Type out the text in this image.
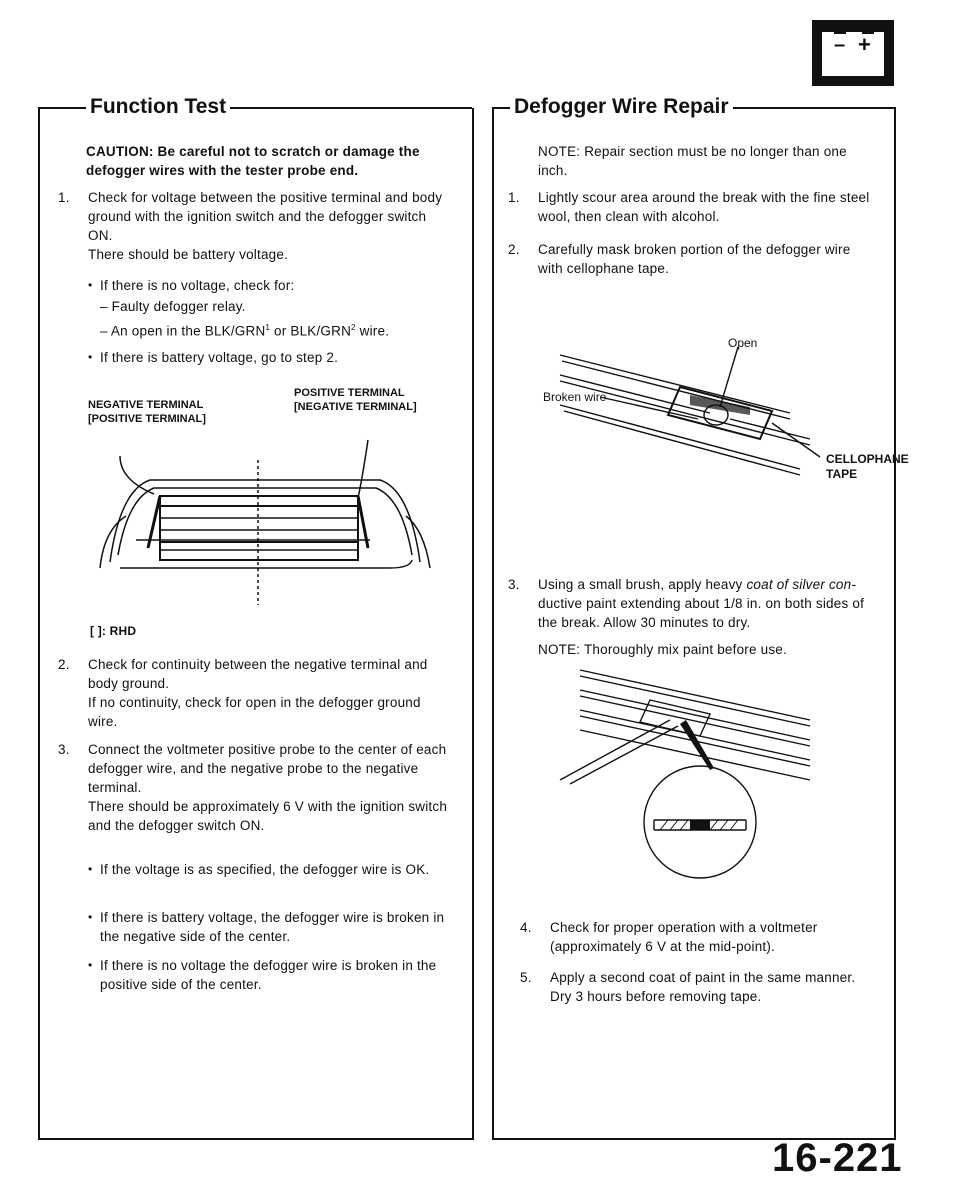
– +
Function Test
CAUTION: Be careful not to scratch or damage the defogger wires with the tester probe end.
1. Check for voltage between the positive terminal and body ground with the ignition switch and the defogger switch ON.
There should be battery voltage.
• If there is no voltage, check for:
– Faulty defogger relay.
– An open in the BLK/GRN$^1$ or BLK/GRN$^2$ wire.
• If there is battery voltage, go to step 2.
NEGATIVE TERMINAL
[POSITIVE TERMINAL]
POSITIVE TERMINAL
[NEGATIVE TERMINAL]
[ ]: RHD
2. Check for continuity between the negative terminal and body ground.
If no continuity, check for open in the defogger ground wire.
3. Connect the voltmeter positive probe to the center of each defogger wire, and the negative probe to the negative terminal.
There should be approximately 6 V with the ignition switch and the defogger switch ON.
• If the voltage is as specified, the defogger wire is OK.
• If there is battery voltage, the defogger wire is broken in the negative side of the center.
• If there is no voltage the defogger wire is broken in the positive side of the center.
Defogger Wire Repair
NOTE: Repair section must be no longer than one inch.
1. Lightly scour area around the break with the fine steel wool, then clean with alcohol.
2. Carefully mask broken portion of the defogger wire with cellophane tape.
Open
Broken wire
CELLOPHANE
TAPE
3. Using a small brush, apply heavy coat of silver con- ductive paint extending about 1/8 in. on both sides of the break. Allow 30 minutes to dry.
NOTE: Thoroughly mix paint before use.
4. Check for proper operation with a voltmeter (approximately 6 V at the mid-point).
5. Apply a second coat of paint in the same manner. Dry 3 hours before removing tape.
16-221
